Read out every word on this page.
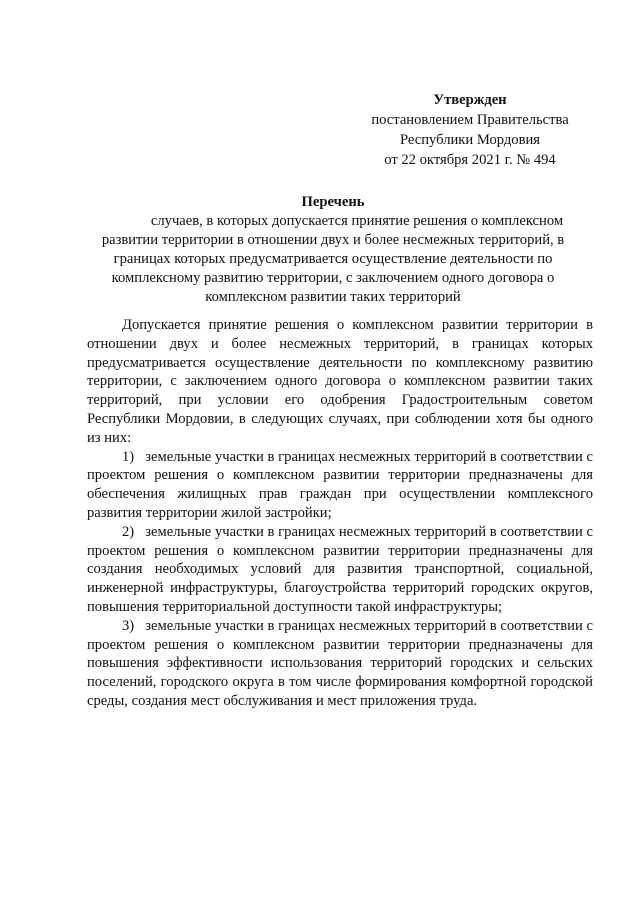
Утвержден
постановлением Правительства
Республики Мордовия
от 22 октября 2021 г. № 494
Перечень
случаев, в которых допускается принятие решения о комплексном развитии территории в отношении двух и более несмежных территорий, в границах которых предусматривается осуществление деятельности по комплексному развитию территории, с заключением одного договора о комплексном развитии таких территорий

Допускается принятие решения о комплексном развитии территории в отношении двух и более несмежных территорий, в границах которых предусматривается осуществление деятельности по комплексному развитию территории, с заключением одного договора о комплексном развитии таких территорий, при условии его одобрения Градостроительным советом Республики Мордовии, в следующих случаях, при соблюдении хотя бы одного из них:

1)   земельные участки в границах несмежных территорий в соответствии с проектом решения о комплексном развитии территории предназначены для обеспечения жилищных прав граждан при осуществлении комплексного развития территории жилой застройки;

2)   земельные участки в границах несмежных территорий в соответствии с проектом решения о комплексном развитии территории предназначены для создания необходимых условий для развития транспортной, социальной, инженерной инфраструктуры, благоустройства территорий городских округов, повышения территориальной доступности такой инфраструктуры;

3)   земельные участки в границах несмежных территорий в соответствии с проектом решения о комплексном развитии территории предназначены для повышения эффективности использования территорий городских и сельских поселений, городского округа в том числе формирования комфортной городской среды, создания мест обслуживания и мест приложения труда.
